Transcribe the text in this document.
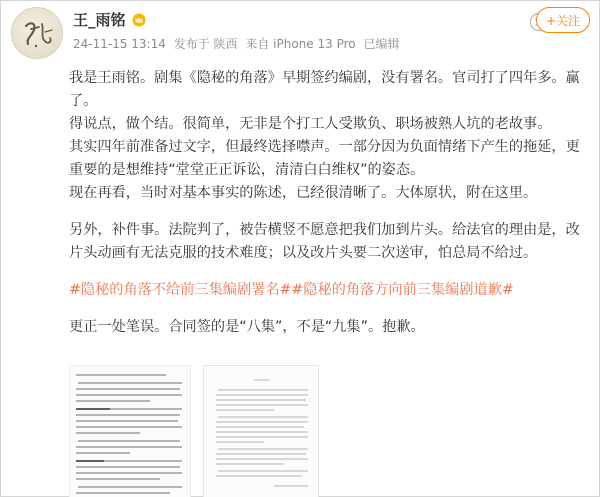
王_雨铭
24-11-15 13:14 发布于 陕西 来自 iPhone 13 Pro 已编辑
+关注

我是王雨铭。剧集《隐秘的角落》早期签约编剧，没有署名。官司打了四年多。赢了。

得说点，做个结。很简单，无非是个打工人受欺负、职场被熟人坑的老故事。

其实四年前准备过文字，但最终选择噤声。一部分因为负面情绪下产生的拖延，更重要的是想维持“堂堂正正诉讼，清清白白维权”的姿态。

现在再看，当时对基本事实的陈述，已经很清晰了。大体原状，附在这里。

另外，补件事。法院判了，被告横竖不愿意把我们加到片头。给法官的理由是，改片头动画有无法克服的技术难度；以及改片头要二次送审，怕总局不给过。

#隐秘的角落不给前三集编剧署名##隐秘的角落方向前三集编剧道歉#

更正一处笔误。合同签的是“八集”，不是“九集”。抱歉。
